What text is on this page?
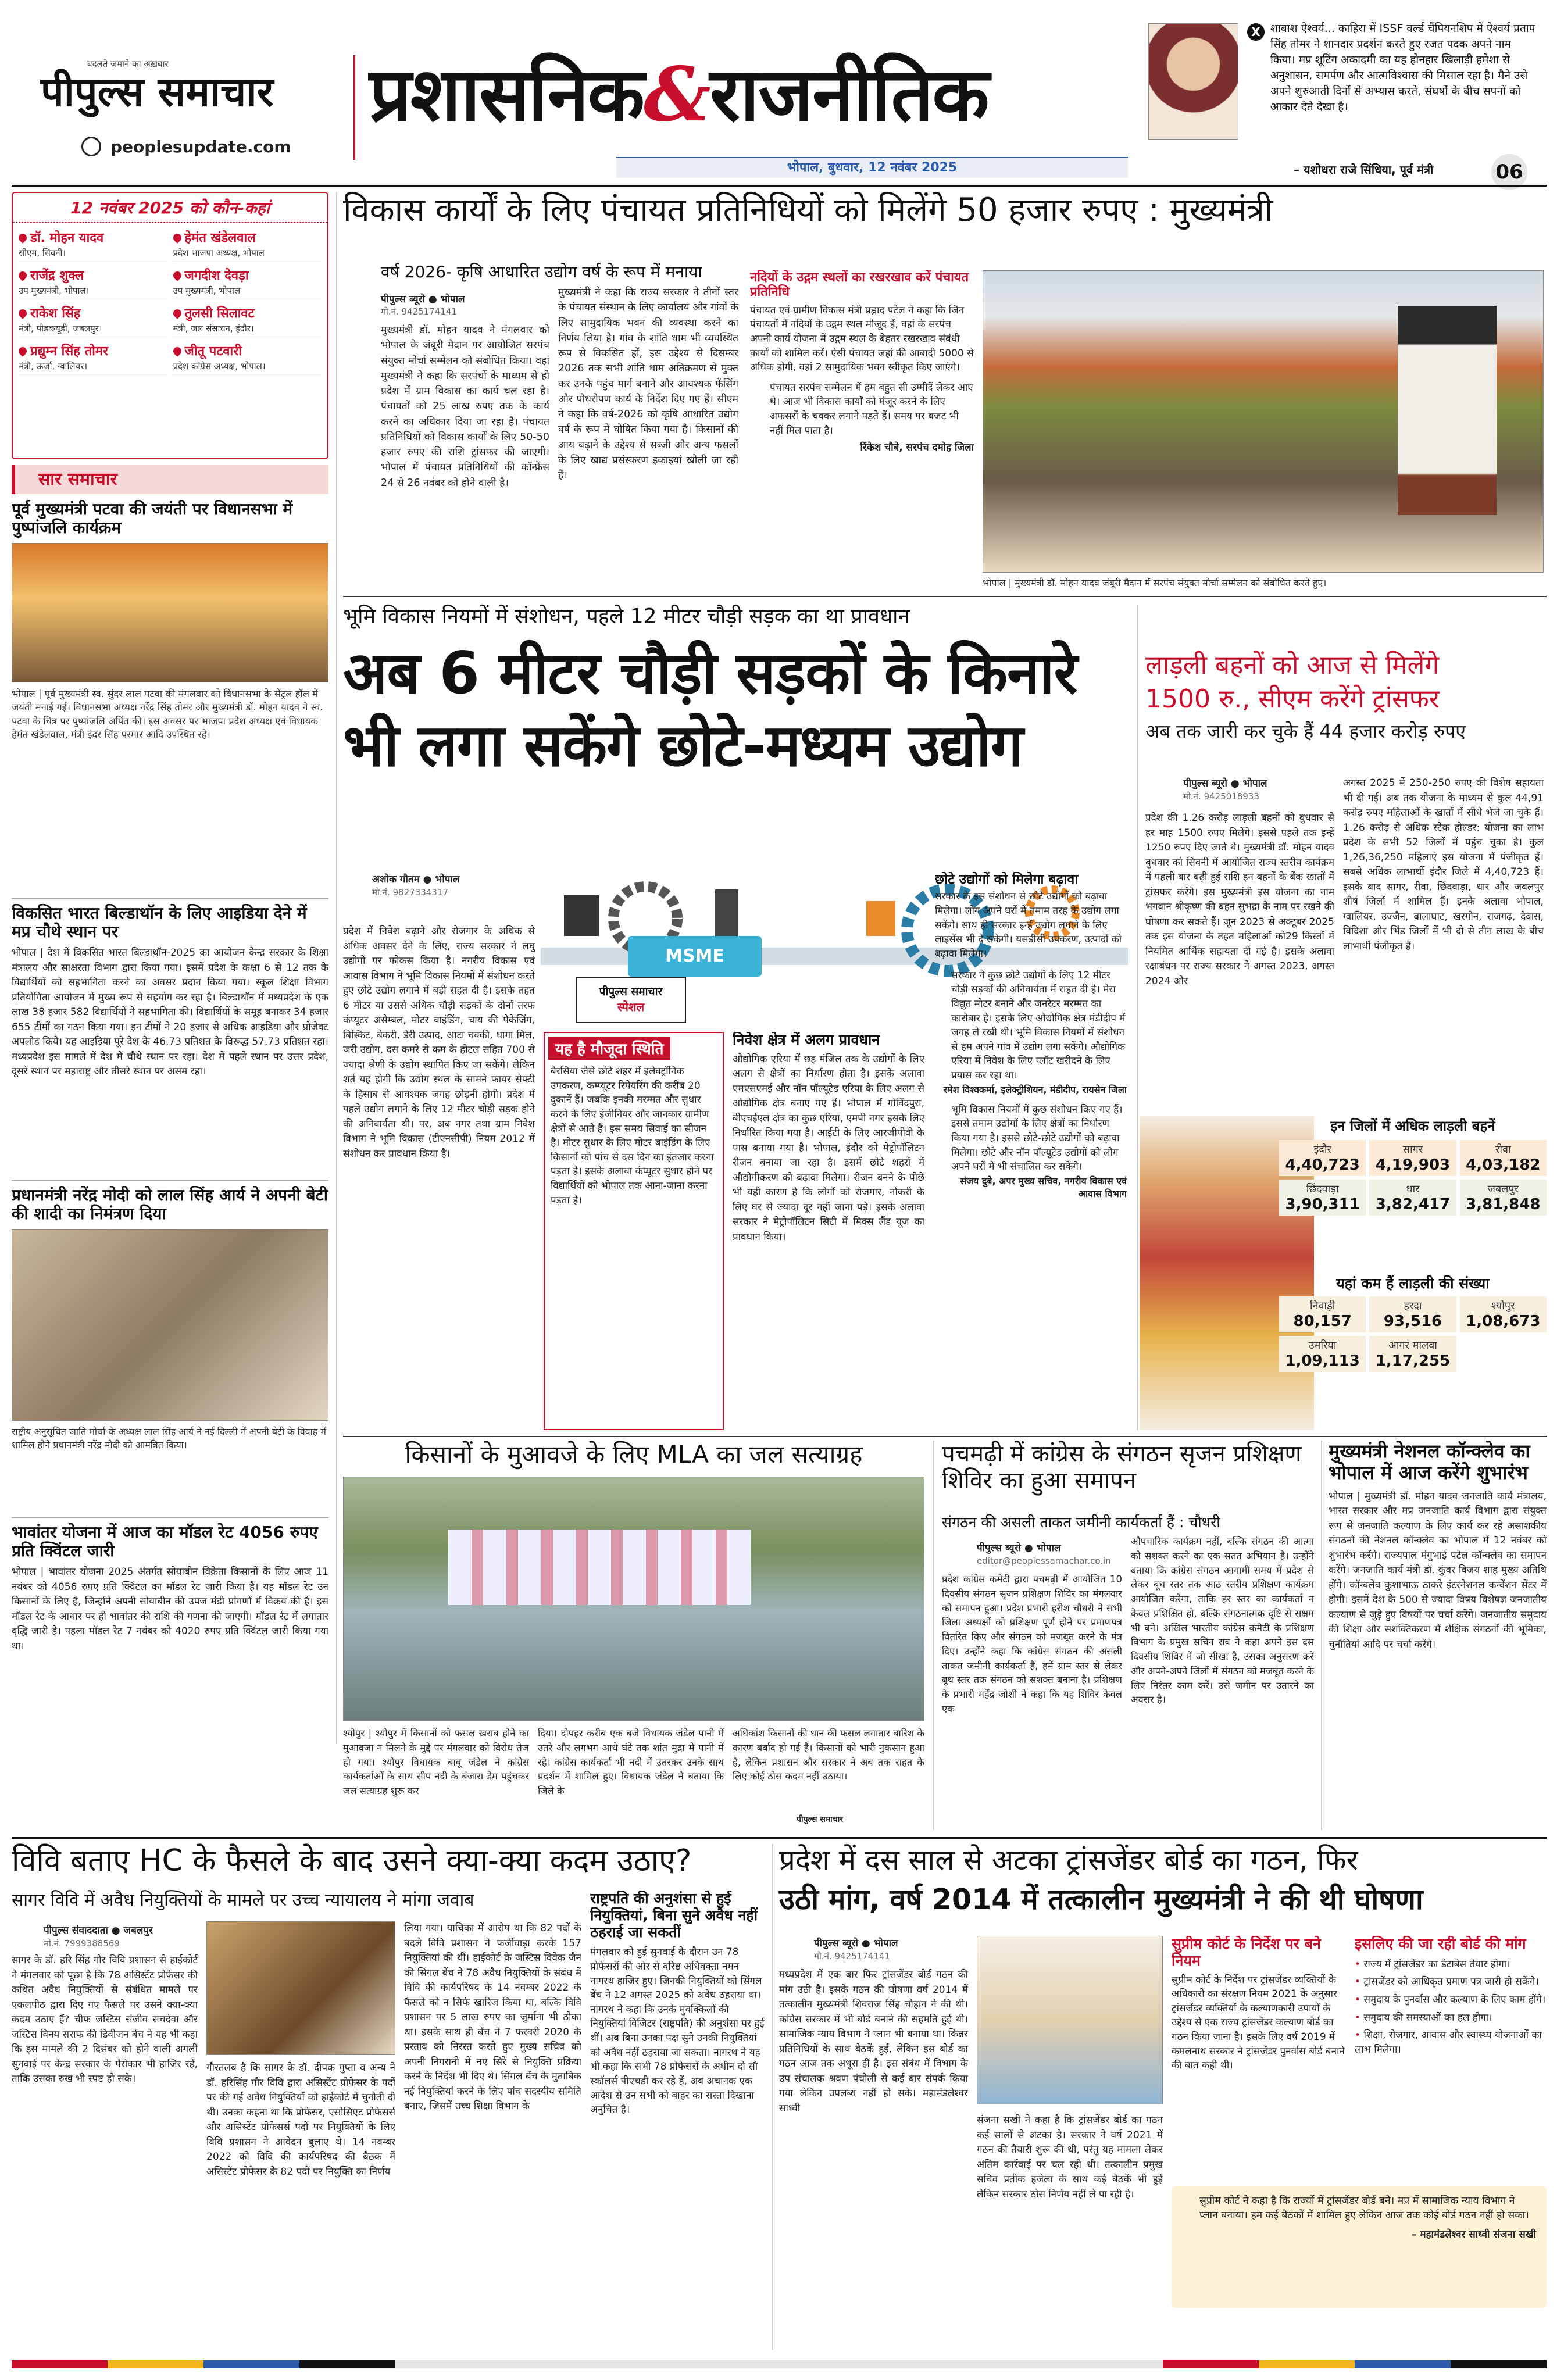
बदलते ज़माने का अख़बार
पीपुल्स समाचार
peoplesupdate.com
प्रशासनिक&राजनीतिक
भोपाल, बुधवार, 12 नवंबर 2025
X शाबाश ऐश्वर्य... काहिरा में ISSF वर्ल्ड चैंपियनशिप में ऐश्वर्य प्रताप सिंह तोमर ने शानदार प्रदर्शन करते हुए रजत पदक अपने नाम किया। मप्र शूटिंग अकादमी का यह होनहार खिलाड़ी हमेशा से अनुशासन, समर्पण और आत्मविश्वास की मिसाल रहा है। मैने उसे अपने शुरुआती दिनों से अभ्यास करते, संघर्षों के बीच सपनों को आकार देते देखा है।
– यशोधरा राजे सिंधिया, पूर्व मंत्री	06
12 नवंबर 2025 को कौन-कहां
डॉ. मोहन यादव
सीएम, सिवनी।
हेमंत खंडेलवाल
प्रदेश भाजपा अध्यक्ष, भोपाल
राजेंद्र शुक्ल
उप मुख्यमंत्री, भोपाल।
जगदीश देवड़ा
उप मुख्यमंत्री, भोपाल
राकेश सिंह
मंत्री, पीडब्ल्यूडी, जबलपुर।
तुलसी सिलावट
मंत्री, जल संसाधन, इंदौर।
प्रद्युम्न सिंह तोमर
मंत्री, ऊर्जा, ग्वालियर।
जीतू पटवारी
प्रदेश कांग्रेस अध्यक्ष, भोपाल।
सार समाचार
पूर्व मुख्यमंत्री पटवा की जयंती पर विधानसभा में पुष्पांजलि कार्यक्रम
भोपाल | पूर्व मुख्यमंत्री स्व. सुंदर लाल पटवा की मंगलवार को विधानसभा के सेंट्रल हॉल में जयंती मनाई गई। विधानसभा अध्यक्ष नरेंद्र सिंह तोमर और मुख्यमंत्री डॉ. मोहन यादव ने स्व. पटवा के चित्र पर पुष्पांजलि अर्पित की। इस अवसर पर भाजपा प्रदेश अध्यक्ष एवं विधायक हेमंत खंडेलवाल, मंत्री इंदर सिंह परमार आदि उपस्थित रहे।
विकसित भारत बिल्डाथॉन के लिए आइडिया देने में मप्र चौथे स्थान पर
भोपाल | देश में विकसित भारत बिल्डाथॉन-2025 का आयोजन केन्द्र सरकार के शिक्षा मंत्रालय और साक्षरता विभाग द्वारा किया गया। इसमें प्रदेश के कक्षा 6 से 12 तक के विद्यार्थियों को सहभागिता करने का अवसर प्रदान किया गया। स्कूल शिक्षा विभाग प्रतियोगिता आयोजन में मुख्य रूप से सहयोग कर रहा है। बिल्डाथॉन में मध्यप्रदेश के एक लाख 38 हजार 582 विद्यार्थियों ने सहभागिता की। विद्यार्थियों के समूह बनाकर 34 हजार 655 टीमों का गठन किया गया। इन टीमों ने 20 हजार से अधिक आइडिया और प्रोजेक्ट अपलोड किये। यह आइडिया पूरे देश के 46.73 प्रतिशत के विरूद्ध 57.73 प्रतिशत रहा। मध्यप्रदेश इस मामले में देश में चौथे स्थान पर रहा। देश में पहले स्थान पर उत्तर प्रदेश, दूसरे स्थान पर महाराष्ट्र और तीसरे स्थान पर असम रहा।
प्रधानमंत्री नरेंद्र मोदी को लाल सिंह आर्य ने अपनी बेटी की शादी का निमंत्रण दिया
राष्ट्रीय अनुसूचित जाति मोर्चा के अध्यक्ष लाल सिंह आर्य ने नई दिल्ली में अपनी बेटी के विवाह में शामिल होने प्रधानमंत्री नरेंद्र मोदी को आमंत्रित किया।
भावांतर योजना में आज का मॉडल रेट 4056 रुपए प्रति क्विंटल जारी
भोपाल | भावांतर योजना 2025 अंतर्गत सोयाबीन विक्रेता किसानों के लिए आज 11 नवंबर को 4056 रुपए प्रति क्विंटल का मॉडल रेट जारी किया है। यह मॉडल रेट उन किसानों के लिए है, जिन्होंने अपनी सोयाबीन की उपज मंडी प्रांगणों में विक्रय की है। इस मॉडल रेट के आधार पर ही भावांतर की राशि की गणना की जाएगी। मॉडल रेट में लगातार वृद्धि जारी है। पहला मॉडल रेट 7 नवंबर को 4020 रुपए प्रति क्विंटल जारी किया गया था।
विकास कार्यों के लिए पंचायत प्रतिनिधियों को मिलेंगे 50 हजार रुपए : मुख्यमंत्री
वर्ष 2026- कृषि आधारित उद्योग वर्ष के रूप में मनाया
पीपुल्स ब्यूरो ● भोपाल
मो.नं. 9425174141
मुख्यमंत्री डॉ. मोहन यादव ने मंगलवार को भोपाल के जंबूरी मैदान पर आयोजित सरपंच संयुक्त मोर्चा सम्मेलन को संबोधित किया। वहां मुख्यमंत्री ने कहा कि सरपंचों के माध्यम से ही प्रदेश में ग्राम विकास का कार्य चल रहा है। पंचायतों को 25 लाख रुपए तक के कार्य करने का अधिकार दिया जा रहा है। पंचायत प्रतिनिधियों को विकास कार्यों के लिए 50-50 हजार रुपए की राशि ट्रांसफर की जाएगी। भोपाल में पंचायत प्रतिनिधियों की कॉन्फ्रेंस 24 से 26 नवंबर को होने वाली है।
मुख्यमंत्री ने कहा कि राज्य सरकार ने तीनों स्तर के पंचायत संस्थान के लिए कार्यालय और गांवों के लिए सामुदायिक भवन की व्यवस्था करने का निर्णय लिया है। गांव के शांति धाम भी व्यवस्थित रूप से विकसित हों, इस उद्देश्य से दिसम्बर 2026 तक सभी शांति धाम अतिक्रमण से मुक्त कर उनके पहुंच मार्ग बनाने और आवश्यक फेंसिंग और पौधरोपण कार्य के निर्देश दिए गए हैं। सीएम ने कहा कि वर्ष-2026 को कृषि आधारित उद्योग वर्ष के रूप में घोषित किया गया है। किसानों की आय बढ़ाने के उद्देश्य से सब्जी और अन्य फसलों के लिए खाद्य प्रसंस्करण इकाइयां खोली जा रही हैं।
नदियों के उद्गम स्थलों का रखरखाव करें पंचायत प्रतिनिधि
पंचायत एवं ग्रामीण विकास मंत्री प्र‍ह्लाद पटेल ने कहा कि जिन पंचायतों में नदियों के उद्गम स्थल मौजूद हैं, वहां के सरपंच अपनी कार्य योजना में उद्गम स्थल के बेहतर रखरखाव संबंधी कार्यों को शामिल करें। ऐसी पंचायत जहां की आबादी 5000 से अधिक होगी, वहां 2 सामुदायिक भवन स्वीकृत किए जाएंगे।
पंचायत सरपंच सम्मेलन में हम बहुत सी उम्मीदें लेकर आए थे। आज भी विकास कार्यों को मंजूर करने के लिए अफसरों के चक्कर लगाने पड़ते हैं। समय पर बजट भी नहीं मिल पाता है।
रिंकेश चौबे, सरपंच दमोह जिला
भोपाल | मुख्यमंत्री डॉ. मोहन यादव जंबूरी मैदान में सरपंच संयुक्त मोर्चा सम्मेलन को संबोधित करते हुए।
भूमि विकास नियमों में संशोधन, पहले 12 मीटर चौड़ी सड़क का था प्रावधान
अब 6 मीटर चौड़ी सड़कों के किनारे
भी लगा सकेंगे छोटे-मध्यम उद्योग
अशोक गौतम ● भोपाल
मो.नं. 9827334317
MSME
पीपुल्स समाचार
स्पेशल
प्रदेश में निवेश बढ़ाने और रोजगार के अधिक से अधिक अवसर देने के लिए, राज्य सरकार ने लघु उद्योगों पर फोकस किया है। नगरीय विकास एवं आवास विभाग ने भूमि विकास नियमों में संशोधन करते हुए छोटे उद्योग लगाने में बड़ी राहत दी है। इसके तहत 6 मीटर या उससे अधिक चौड़ी सड़कों के दोनों तरफ कंप्यूटर असेम्बल, मोटर वाइंडिंग, चाय की पैकेजिंग, बिस्किट, बेकरी, डेरी उत्पाद, आटा चक्की, धागा मिल, जरी उद्योग, दस कमरे से कम के होटल सहित 700 से ज्यादा श्रेणी के उद्योग स्थापित किए जा सकेंगे। लेकिन शर्त यह होगी कि उद्योग स्थल के सामने फायर सेफ्टी के हिसाब से आवश्यक जगह छोड़नी होगी। प्रदेश में पहले उद्योग लगाने के लिए 12 मीटर चौड़ी सड़क होने की अनिवार्यता थी। पर, अब नगर तथा ग्राम निवेश विभाग ने भूमि विकास (टीएनसीपी) नियम 2012 में संशोधन कर प्रावधान किया है।
यह है मौजूदा स्थिति
बैरसिया जैसे छोटे शहर में इलेक्ट्रॉनिक उपकरण, कम्प्यूटर रिपेयरिंग की करीब 20 दुकानें हैं। जबकि इनकी मरम्मत और सुधार करने के लिए इंजीनियर और जानकार ग्रामीण क्षेत्रों से आते हैं। इस समय सिवाई का सीजन है। मोटर सुधार के लिए मोटर बाइंडिंग के लिए किसानों को पांच से दस दिन का इंतजार करना पड़ता है। इसके अलावा कंप्यूटर सुधार होने पर विद्यार्थियों को भोपाल तक आना-जाना करना पड़ता है।
निवेश क्षेत्र में अलग प्रावधान
औद्योगिक एरिया में छह मंजिल तक के उद्योगों के लिए अलग से क्षेत्रों का निर्धारण होता है। इसके अलावा एमएसएमई और नॉन पॉल्यूटेड एरिया के लिए अलग से औद्योगिक क्षेत्र बनाए गए हैं। भोपाल में गोविंदपुरा, बीएचईएल क्षेत्र का कुछ एरिया, एमपी नगर इसके लिए निर्धारित किया गया है। आईटी के लिए आरजीपीवी के पास बनाया गया है। भोपाल, इंदौर को मेट्रोपॉलिटन रीजन बनाया जा रहा है। इसमें छोटे शहरों में औद्योगीकरण को बढ़ावा मिलेगा। रीजन बनने के पीछे भी यही कारण है कि लोगों को रोजगार, नौकरी के लिए घर से ज्यादा दूर नहीं जाना पड़े। इसके अलावा सरकार ने मेट्रोपॉलिटन सिटी में मिक्स लैंड यूज का प्रावधान किया।
छोटे उद्योगों को मिलेगा बढ़ावा
सरकार के इस संशोधन से छोटे उद्योगों को बढ़ावा मिलेगा। लोग अपने घरों में तमाम तरह के उद्योग लगा सकेंगे। साथ ही सरकार इन्हें उद्योग लगाने के लिए लाइसेंस भी दे सकेगी। यसडीसी उपकरण, उत्पादों को बढ़ावा मिलेगा।
सरकार ने कुछ छोटे उद्योगों के लिए 12 मीटर चौड़ी सड़कों की अनिवार्यता में राहत दी है। मेरा विद्युत मोटर बनाने और जनरेटर मरम्मत का कारोबार है। इसके लिए औद्योगिक क्षेत्र मंडीदीप में जगह ले रखी थी। भूमि विकास नियमों में संशोधन से हम अपने गांव में उद्योग लगा सकेंगे। औद्योगिक एरिया में निवेश के लिए प्लॉट खरीदने के लिए प्रयास कर रहा था।
रमेश विश्वकर्मा, इलेक्ट्रीशियन, मंडीदीप, रायसेन जिला
भूमि विकास नियमों में कुछ संशोधन किए गए हैं। इससे तमाम उद्योगों के लिए क्षेत्रों का निर्धारण किया गया है। इससे छोटे-छोटे उद्योगों को बढ़ावा मिलेगा। छोटे और नॉन पॉल्यूटेड उद्योगों को लोग अपने घरों में भी संचालित कर सकेंगे।
संजय दुबे, अपर मुख्य सचिव, नगरीय विकास एवं आवास विभाग
लाड़ली बहनों को आज से मिलेंगे
1500 रु., सीएम करेंगे ट्रांसफर
अब तक जारी कर चुके हैं 44 हजार करोड़ रुपए
पीपुल्स ब्यूरो ● भोपाल
मो.नं. 9425018933
प्रदेश की 1.26 करोड़ लाड़ली बहनों को बुधवार से हर माह 1500 रुपए मिलेंगे। इससे पहले तक इन्हें 1250 रुपए दिए जाते थे। मुख्यमंत्री डॉ. मोहन यादव बुधवार को सिवनी में आयोजित राज्य स्तरीय कार्यक्रम में पहली बार बढ़ी हुई राशि इन बहनों के बैंक खातों में ट्रांसफर करेंगे। इस मुख्यमंत्री इस योजना का नाम भगवान श्रीकृष्ण की बहन सुभद्रा के नाम पर रखने की घोषणा कर सकते हैं। जून 2023 से अक्टूबर 2025 तक इस योजना के तहत महिलाओं को29 किस्तों में नियमित आर्थिक सहायता दी गई है। इसके अलावा रक्षाबंधन पर राज्य सरकार ने अगस्त 2023, अगस्त 2024 और
अगस्त 2025 में 250-250 रुपए की विशेष सहायता भी दी गई। अब तक योजना के माध्यम से कुल 44,91 करोड़ रुपए महिलाओं के खातों में सीधे भेजे जा चुके हैं। 1.26 करोड़ से अधिक स्टेक होल्डर: योजना का लाभ प्रदेश के सभी 52 जिलों में पहुंच चुका है। कुल 1,26,36,250 महिलाएं इस योजना में पंजीकृत हैं। सबसे अधिक लाभार्थी इंदौर जिले में 4,40,723 हैं। इसके बाद सागर, रीवा, छिंदवाड़ा, धार और जबलपुर शीर्ष जिलों में शामिल हैं। इनके अलावा भोपाल, ग्वालियर, उज्जैन, बालाघाट, खरगोन, राजगढ़, देवास, विदिशा और भिंड जिलों में भी दो से तीन लाख के बीच लाभार्थी पंजीकृत हैं।
इन जिलों में अधिक लाड़ली बहनें
इंदौर
4,40,723
सागर
4,19,903
रीवा
4,03,182
छिंदवाड़ा
3,90,311
धार
3,82,417
जबलपुर
3,81,848
यहां कम हैं लाड़ली की संख्या
निवाड़ी
80,157
हरदा
93,516
श्योपुर
1,08,673
उमरिया
1,09,113
आगर मालवा
1,17,255
किसानों के मुआवजे के लिए MLA का जल सत्याग्रह
श्योपुर | श्योपुर में किसानों को फसल खराब होने का मुआवजा न मिलने के मुद्दे पर मंगलवार को विरोध तेज हो गया। श्योपुर विधायक बाबू जंडेल ने कांग्रेस कार्यकर्ताओं के साथ सीप नदी के बंजारा डेम पहुंचकर जल सत्याग्रह शुरू कर
दिया। दोपहर करीब एक बजे विधायक जंडेल पानी में उतरे और लगभग आधे घंटे तक शांत मुद्रा में पानी में रहे। कांग्रेस कार्यकर्ता भी नदी में उतरकर उनके साथ प्रदर्शन में शामिल हुए। विधायक जंडेल ने बताया कि जिले के
अधिकांश किसानों की धान की फसल लगातार बारिश के कारण बर्बाद हो गई है। किसानों को भारी नुकसान हुआ है, लेकिन प्रशासन और सरकार ने अब तक राहत के लिए कोई ठोस कदम नहीं उठाया।
पीपुल्स समाचार
पचमढ़ी में कांग्रेस के संगठन सृजन प्रशिक्षण शिविर का हुआ समापन
संगठन की असली ताकत जमीनी कार्यकर्ता हैं : चौधरी
पीपुल्स ब्यूरो ● भोपाल
editor@peoplessamachar.co.in
प्रदेश कांग्रेस कमेटी द्वारा पचमढ़ी में आयोजित 10 दिवसीय संगठन सृजन प्रशिक्षण शिविर का मंगलवार को समापन हुआ। प्रदेश प्रभारी हरीश चौधरी ने सभी जिला अध्यक्षों को प्रशिक्षण पूर्ण होने पर प्रमाणपत्र वितरित किए और संगठन को मजबूत करने के मंत्र दिए। उन्होंने कहा कि कांग्रेस संगठन की असली ताकत जमीनी कार्यकर्ता हैं, हमें ग्राम स्तर से लेकर बूथ स्तर तक संगठन को सशक्त बनाना है। प्रशिक्षण के प्रभारी महेंद्र जोशी ने कहा कि यह शिविर केवल एक
औपचारिक कार्यक्रम नहीं, बल्कि संगठन की आत्मा को सशक्त करने का एक सतत अभियान है। उन्होंने बताया कि कांग्रेस संगठन आगामी समय में प्रदेश से लेकर बूथ स्तर तक आठ स्तरीय प्रशिक्षण कार्यक्रम आयोजित करेगा, ताकि हर स्तर का कार्यकर्ता न केवल प्रशिक्षित हो, बल्कि संगठनात्मक दृष्टि से सक्षम भी बने। अखिल भारतीय कांग्रेस कमेटी के प्रशिक्षण विभाग के प्रमुख सचिन राव ने कहा अपने इस दस दिवसीय शिविर में जो सीखा है, उसका अनुसरण करें और अपने-अपने जिलों में संगठन को मजबूत करने के लिए निरंतर काम करें। उसे जमीन पर उतारने का अवसर है।
मुख्यमंत्री नेशनल कॉन्क्लेव का भोपाल में आज करेंगे शुभारंभ
भोपाल | मुख्यमंत्री डॉ. मोहन यादव जनजाति कार्य मंत्रालय, भारत सरकार और मप्र जनजाति कार्य विभाग द्वारा संयुक्त रूप से जनजाति कल्याण के लिए कार्य कर रहे असाशकीय संगठनों की नेशनल कॉन्क्लेव का भोपाल में 12 नवंबर को शुभारंभ करेंगे। राज्यपाल मंगुभाई पटेल कॉन्क्लेव का समापन करेंगे। जनजाति कार्य मंत्री डॉ. कुंवर विजय शाह मुख्य अतिथि होंगे। कॉन्क्लेव कुशाभाऊ ठाकरे इंटरनेशनल कन्वेंशन सेंटर में होगी। इसमें देश के 500 से ज्यादा विषय विशेषज्ञ जनजातीय कल्याण से जुड़े हुए विषयों पर चर्चा करेंगे। जनजातीय समुदाय की शिक्षा और सशक्तिकरण में शैक्षिक संगठनों की भूमिका, चुनौतियां आदि पर चर्चा करेंगे।
विवि बताए HC के फैसले के बाद उसने क्या-क्या कदम उठाए?
सागर विवि में अवैध नियुक्तियों के मामले पर उच्च न्यायालय ने मांगा जवाब
पीपुल्स संवाददाता ● जबलपुर
मो.नं. 7999388569
सागर के डॉ. हरि सिंह गौर विवि प्रशासन से हाईकोर्ट ने मंगलवार को पूछा है कि 78 असिस्टेंट प्रोफेसर की कथित अवैध नियुक्तियों से संबंधित मामले पर एकलपीठ द्वारा दिए गए फैसले पर उसने क्या-क्या कदम उठाए हैं? चीफ जस्टिस संजीव सचदेवा और जस्टिस विनय सराफ की डिवीजन बेंच ने यह भी कहा कि इस मामले की 2 दिसंबर को होने वाली अगली सुनवाई पर केन्द्र सरकार के पैरोकार भी हाजिर रहें, ताकि उसका रुख भी स्पष्ट हो सके।
गौरतलब है कि सागर के डॉ. दीपक गुप्ता व अन्य ने डॉ. हरिसिंह गौर विवि द्वारा असिस्टेंट प्रोफेसर के पदों पर की गईं अवैध नियुक्तियों को हाईकोर्ट में चुनौती दी थी। उनका कहना था कि प्रोफेसर, एसोसिएट प्रोफेसर्स और असिस्टेंट प्रोफेसर्स पदों पर नियुक्तियों के लिए विवि प्रशासन ने आवेदन बुलाए थे। 14 नवम्बर 2022 को विवि की कार्यपरिषद की बैठक में असिस्टेंट प्रोफेसर के 82 पदों पर नियुक्ति का निर्णय
लिया गया। याचिका में आरोप था कि 82 पदों के बदले विवि प्रशासन ने फर्जीवाड़ा करके 157 नियुक्तियां की थीं। हाईकोर्ट के जस्टिस विवेक जैन की सिंगल बेंच ने 78 अवैध नियुक्तियों के संबंध में विवि की कार्यपरिषद के 14 नवम्बर 2022 के फैसले को न सिर्फ खारिज किया था, बल्कि विवि प्रशासन पर 5 लाख रुपए का जुर्माना भी ठोका था। इसके साथ ही बेंच ने 7 फरवरी 2020 के प्रस्ताव को निरस्त करते हुए मुख्य सचिव को अपनी निगरानी में नए सिरे से नियुक्ति प्रक्रिया करने के निर्देश भी दिए थे। सिंगल बेंच के मुताबिक नई नियुक्तियां करने के लिए पांच सदस्यीय समिति बनाए, जिसमें उच्च शिक्षा विभाग के
राष्ट्रपति की अनुशंसा से हुई नियुक्तियां, बिना सुने अवैध नहीं ठहराई जा सकतीं
मंगलवार को हुई सुनवाई के दौरान उन 78 प्रोफेसरों की ओर से वरिष्ठ अधिवक्ता नमन नागरथ हाजिर हुए। जिनकी नियुक्तियों को सिंगल बेंच ने 12 अगस्त 2025 को अवैध ठहराया था। नागरथ ने कहा कि उनके मुवक्किलों की नियुक्तियां विजिटर (राष्ट्रपति) की अनुशंसा पर हुई थीं। अब बिना उनका पक्ष सुने उनकी नियुक्तियां को अवैध नहीं ठहराया जा सकता। नागरथ ने यह भी कहा कि सभी 78 प्रोफेसरों के अधीन दो सौ स्कॉलर्स पीएचडी कर रहे हैं, अब अचानक एक आदेश से उन सभी को बाहर का रास्ता दिखाना अनुचित है।
प्रदेश में दस साल से अटका ट्रांसजेंडर बोर्ड का गठन, फिर
उठी मांग, वर्ष 2014 में तत्कालीन मुख्यमंत्री ने की थी घोषणा
पीपुल्स ब्यूरो ● भोपाल
मो.नं. 9425174141
मध्यप्रदेश में एक बार फिर ट्रांसजेंडर बोर्ड गठन की मांग उठी है। इसके गठन की घोषणा वर्ष 2014 में तत्कालीन मुख्यमंत्री शिवराज सिंह चौहान ने की थी। कांग्रेस सरकार में भी बोर्ड बनाने की सहमति हुई थी। सामाजिक न्याय विभाग ने प्लान भी बनाया था। किन्नर प्रतिनिधियों के साथ बैठकें हुईं, लेकिन इस बोर्ड का गठन आज तक अधूरा ही है। इस संबंध में विभाग के उप संचालक श्रवण पंचोली से कई बार संपर्क किया गया लेकिन उपलब्ध नहीं हो सके। महामंडलेश्वर साध्वी
संजना सखी ने कहा है कि ट्रांसजेंडर बोर्ड का गठन कई सालों से अटका है। सरकार ने वर्ष 2021 में गठन की तैयारी शुरू की थी, परंतु यह मामला लेकर अंतिम कार्रवाई पर चल रही थी। तत्कालीन प्रमुख सचिव प्रतीक हजेला के साथ कई बैठकें भी हुई लेकिन सरकार ठोस निर्णय नहीं ले पा रही है।
सुप्रीम कोर्ट के निर्देश पर बने नियम
सुप्रीम कोर्ट के निर्देश पर ट्रांसजेंडर व्यक्तियों के अधिकारों का संरक्षण नियम 2021 के अनुसार ट्रांसजेंडर व्यक्तियों के कल्याणकारी उपायों के उद्देश्य से एक राज्य ट्रांसजेंडर कल्याण बोर्ड का गठन किया जाना है। इसके लिए वर्ष 2019 में कमलनाथ सरकार ने ट्रांसजेंडर पुनर्वास बोर्ड बनाने की बात कही थी।
इसलिए की जा रही बोर्ड की मांग
• राज्य में ट्रांसजेंडर का डेटाबेस तैयार होगा।
• ट्रांसजेंडर को आधिकृत प्रमाण पत्र जारी हो सकेंगे।
• समुदाय के पुनर्वास और कल्याण के लिए काम होंगे।
• समुदाय की समस्याओं का हल होगा।
• शिक्षा, रोजगार, आवास और स्वास्थ्य योजनाओं का लाभ मिलेगा।
सुप्रीम कोर्ट ने कहा है कि राज्यों में ट्रांसजेंडर बोर्ड बने। मप्र में सामाजिक न्याय विभाग ने प्लान बनाया। हम कई बैठकों में शामिल हुए लेकिन आज तक कोई बोर्ड गठन नहीं हो सका।
– महामंडलेश्वर साध्वी संजना सखी
